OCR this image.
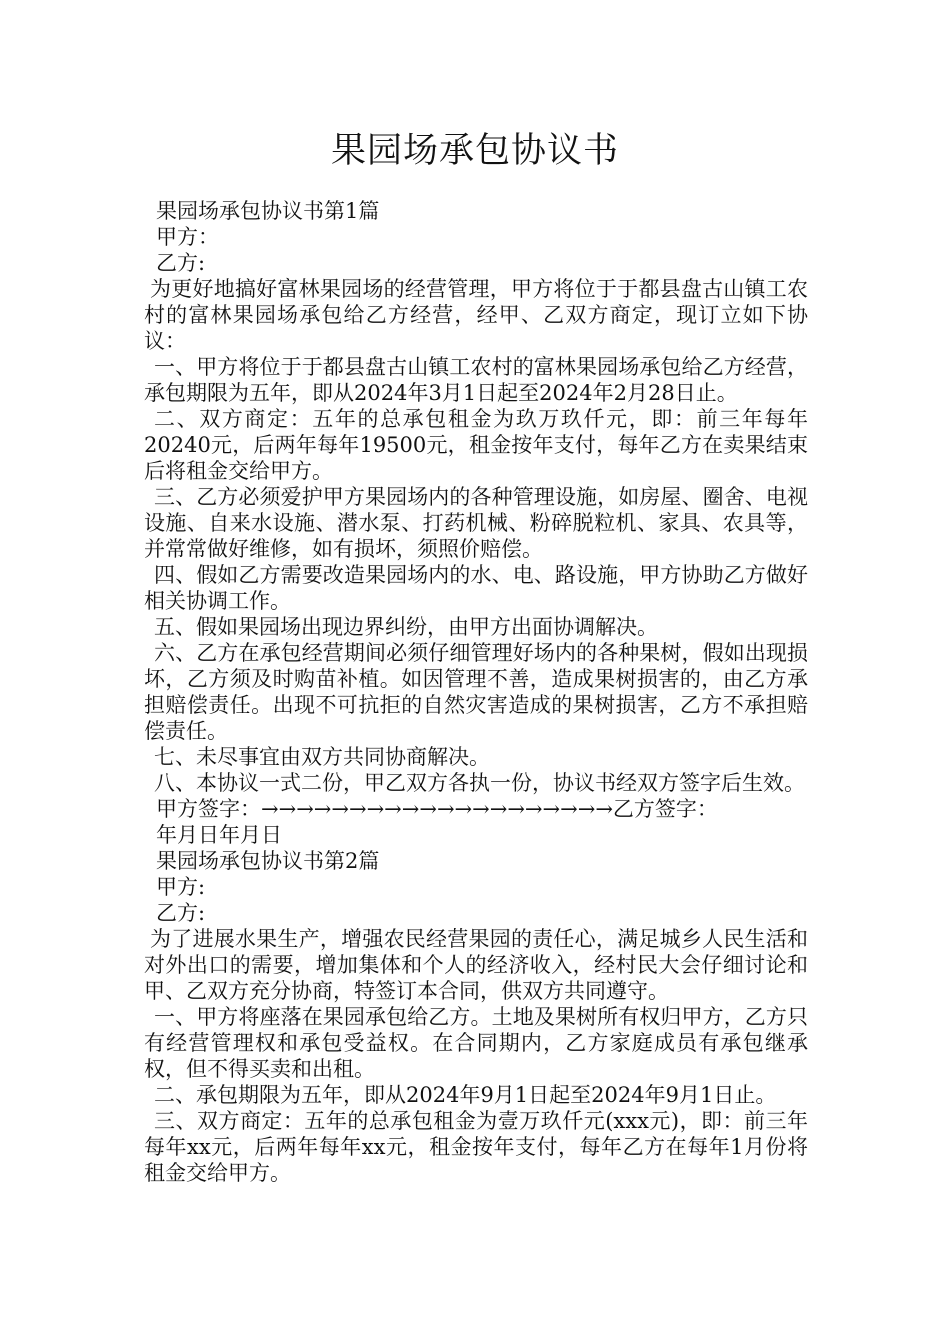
果园场承包协议书

果园场承包协议书第1篇

甲方：

乙方:

为更好地搞好富林果园场的经营管理，甲方将位于于都县盘古山镇工农村的富林果园场承包给乙方经营，经甲、乙双方商定，现订立如下协议：

一、甲方将位于于都县盘古山镇工农村的富林果园场承包给乙方经营，承包期限为五年，即从2024年3月1日起至2024年2月28日止。

二、双方商定：五年的总承包租金为玖万玖仟元，即：前三年每年20240元，后两年每年19500元，租金按年支付，每年乙方在卖果结束后将租金交给甲方。

三、乙方必须爱护甲方果园场内的各种管理设施，如房屋、圈舍、电视设施、自来水设施、潜水泵、打药机械、粉碎脱粒机、家具、农具等，并常常做好维修，如有损坏，须照价赔偿。

四、假如乙方需要改造果园场内的水、电、路设施，甲方协助乙方做好相关协调工作。

五、假如果园场出现边界纠纷，由甲方出面协调解决。

六、乙方在承包经营期间必须仔细管理好场内的各种果树，假如出现损坏，乙方须及时购苗补植。如因管理不善，造成果树损害的，由乙方承担赔偿责任。出现不可抗拒的自然灾害造成的果树损害，乙方不承担赔偿责任。

七、未尽事宜由双方共同协商解决。

八、本协议一式二份，甲乙双方各执一份，协议书经双方签字后生效。

甲方签字：→→→→→→→→→→→→→→→→→→→→乙方签字：

年月日年月日

果园场承包协议书第2篇

甲方:

乙方:

为了进展水果生产，增强农民经营果园的责任心，满足城乡人民生活和对外出口的需要，增加集体和个人的经济收入，经村民大会仔细讨论和甲、乙双方充分协商，特签订本合同，供双方共同遵守。

一、甲方将座落在果园承包给乙方。土地及果树所有权归甲方，乙方只有经营管理权和承包受益权。在合同期内，乙方家庭成员有承包继承权，但不得买卖和出租。

二、承包期限为五年，即从2024年9月1日起至2024年9月1日止。

三、双方商定：五年的总承包租金为壹万玖仟元(xxx元)，即：前三年每年xx元，后两年每年xx元，租金按年支付，每年乙方在每年1月份将租金交给甲方。
